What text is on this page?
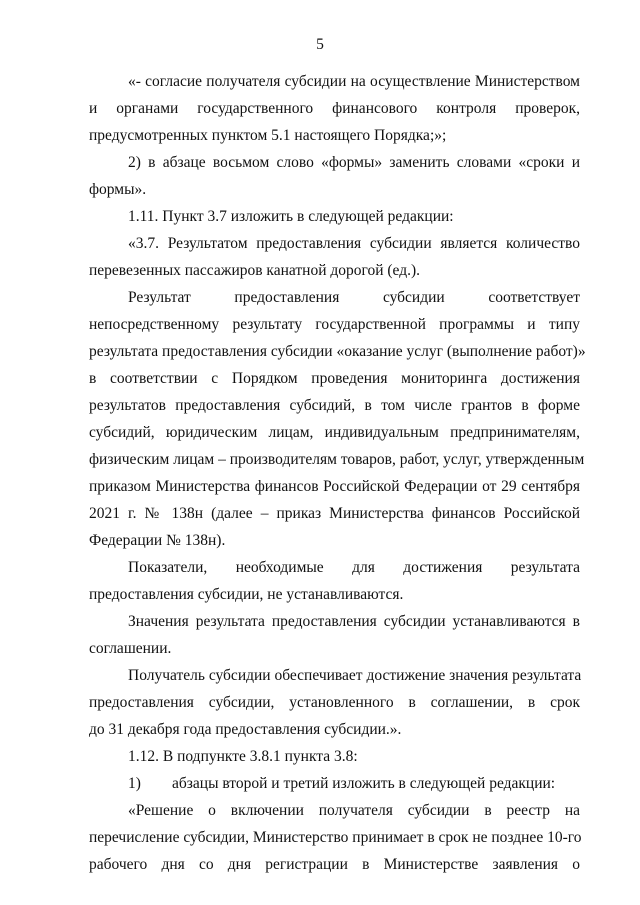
5
«- согласие получателя субсидии на осуществление Министерством
и органами государственного финансового контроля проверок,
предусмотренных пунктом 5.1 настоящего Порядка;»;
2) в абзаце восьмом слово «формы» заменить словами «сроки и
формы».
1.11. Пункт 3.7 изложить в следующей редакции:
«3.7. Результатом предоставления субсидии является количество
перевезенных пассажиров канатной дорогой (ед.).
Результат предоставления субсидии соответствует
непосредственному результату государственной программы и типу
результата предоставления субсидии «оказание услуг (выполнение работ)»
в соответствии с Порядком проведения мониторинга достижения
результатов предоставления субсидий, в том числе грантов в форме
субсидий, юридическим лицам, индивидуальным предпринимателям,
физическим лицам – производителям товаров, работ, услуг, утвержденным
приказом Министерства финансов Российской Федерации от 29 сентября
2021 г. № 138н (далее – приказ Министерства финансов Российской
Федерации № 138н).
Показатели, необходимые для достижения результата
предоставления субсидии, не устанавливаются.
Значения результата предоставления субсидии устанавливаются в
соглашении.
Получатель субсидии обеспечивает достижение значения результата
предоставления субсидии, установленного в соглашении, в срок
до 31 декабря года предоставления субсидии.».
1.12. В подпункте 3.8.1 пункта 3.8:
1) абзацы второй и третий изложить в следующей редакции:
«Решение о включении получателя субсидии в реестр на
перечисление субсидии, Министерство принимает в срок не позднее 10-го
рабочего дня со дня регистрации в Министерстве заявления о
